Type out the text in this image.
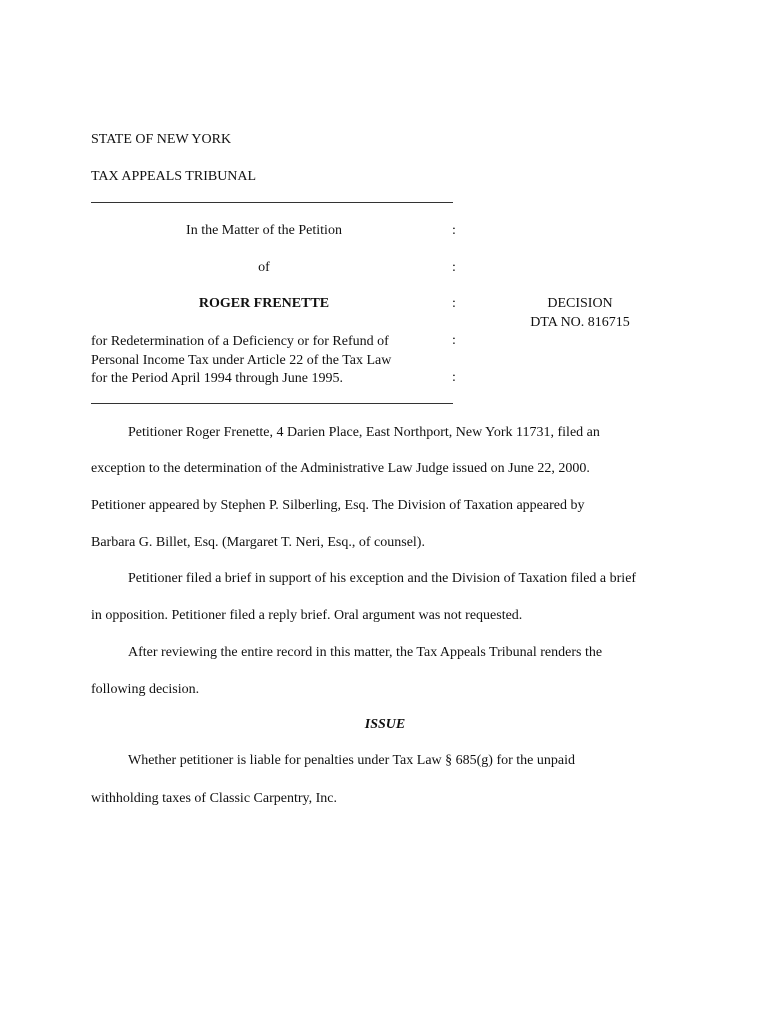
STATE OF NEW YORK
TAX APPEALS TRIBUNAL
In the Matter of the Petition	:
of	:
ROGER FRENETTE	:	DECISION
DTA NO. 816715
for Redetermination of a Deficiency or for Refund of
Personal Income Tax under Article 22 of the Tax Law
for the Period April 1994 through June 1995.
:
:
Petitioner Roger Frenette, 4 Darien Place, East Northport, New York 11731, filed an
exception to the determination of the Administrative Law Judge issued on June 22, 2000.
Petitioner appeared by Stephen P. Silberling, Esq. The Division of Taxation appeared by
Barbara G. Billet, Esq. (Margaret T. Neri, Esq., of counsel).
Petitioner filed a brief in support of his exception and the Division of Taxation filed a brief
in opposition. Petitioner filed a reply brief. Oral argument was not requested.
After reviewing the entire record in this matter, the Tax Appeals Tribunal renders the
following decision.
ISSUE
Whether petitioner is liable for penalties under Tax Law § 685(g) for the unpaid
withholding taxes of Classic Carpentry, Inc.
